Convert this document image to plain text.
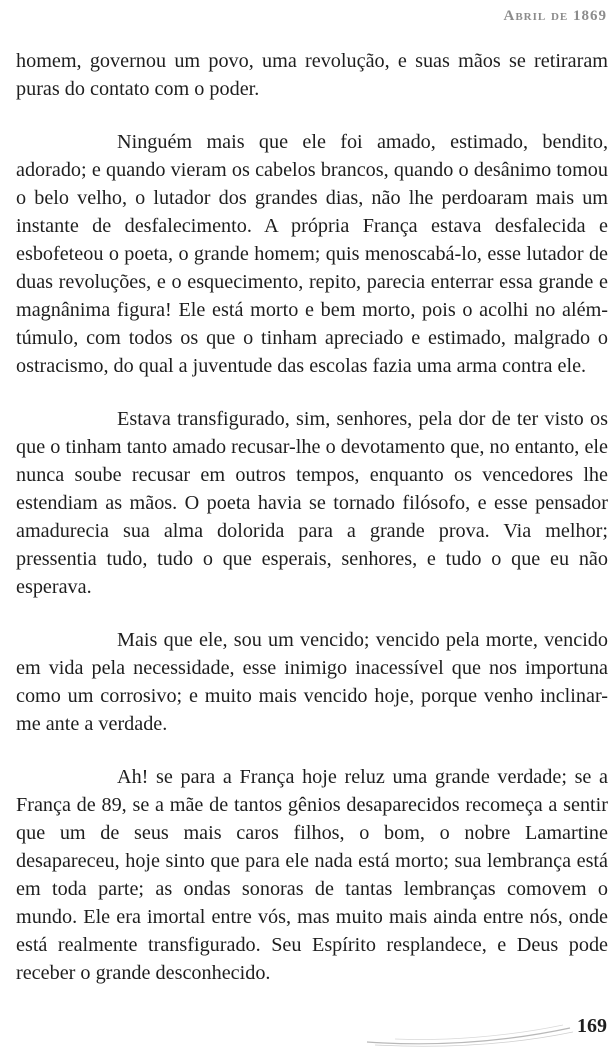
Abril de 1869

homem, governou um povo, uma revolução, e suas mãos se retiraram puras do contato com o poder.

Ninguém mais que ele foi amado, estimado, bendito, adorado; e quando vieram os cabelos brancos, quando o desânimo tomou o belo velho, o lutador dos grandes dias, não lhe perdoaram mais um instante de desfalecimento. A própria França estava desfalecida e esbofeteou o poeta, o grande homem; quis menoscabá-lo, esse lutador de duas revoluções, e o esquecimento, repito, parecia enterrar essa grande e magnânima figura! Ele está morto e bem morto, pois o acolhi no além-túmulo, com todos os que o tinham apreciado e estimado, malgrado o ostracismo, do qual a juventude das escolas fazia uma arma contra ele.

Estava transfigurado, sim, senhores, pela dor de ter visto os que o tinham tanto amado recusar-lhe o devotamento que, no entanto, ele nunca soube recusar em outros tempos, enquanto os vencedores lhe estendiam as mãos. O poeta havia se tornado filósofo, e esse pensador amadurecia sua alma dolorida para a grande prova. Via melhor; pressentia tudo, tudo o que esperais, senhores, e tudo o que eu não esperava.

Mais que ele, sou um vencido; vencido pela morte, vencido em vida pela necessidade, esse inimigo inacessível que nos importuna como um corrosivo; e muito mais vencido hoje, porque venho inclinar-me ante a verdade.

Ah! se para a França hoje reluz uma grande verdade; se a França de 89, se a mãe de tantos gênios desaparecidos recomeça a sentir que um de seus mais caros filhos, o bom, o nobre Lamartine desapareceu, hoje sinto que para ele nada está morto; sua lembrança está em toda parte; as ondas sonoras de tantas lembranças comovem o mundo. Ele era imortal entre vós, mas muito mais ainda entre nós, onde está realmente transfigurado. Seu Espírito resplandece, e Deus pode receber o grande desconhecido.

169
